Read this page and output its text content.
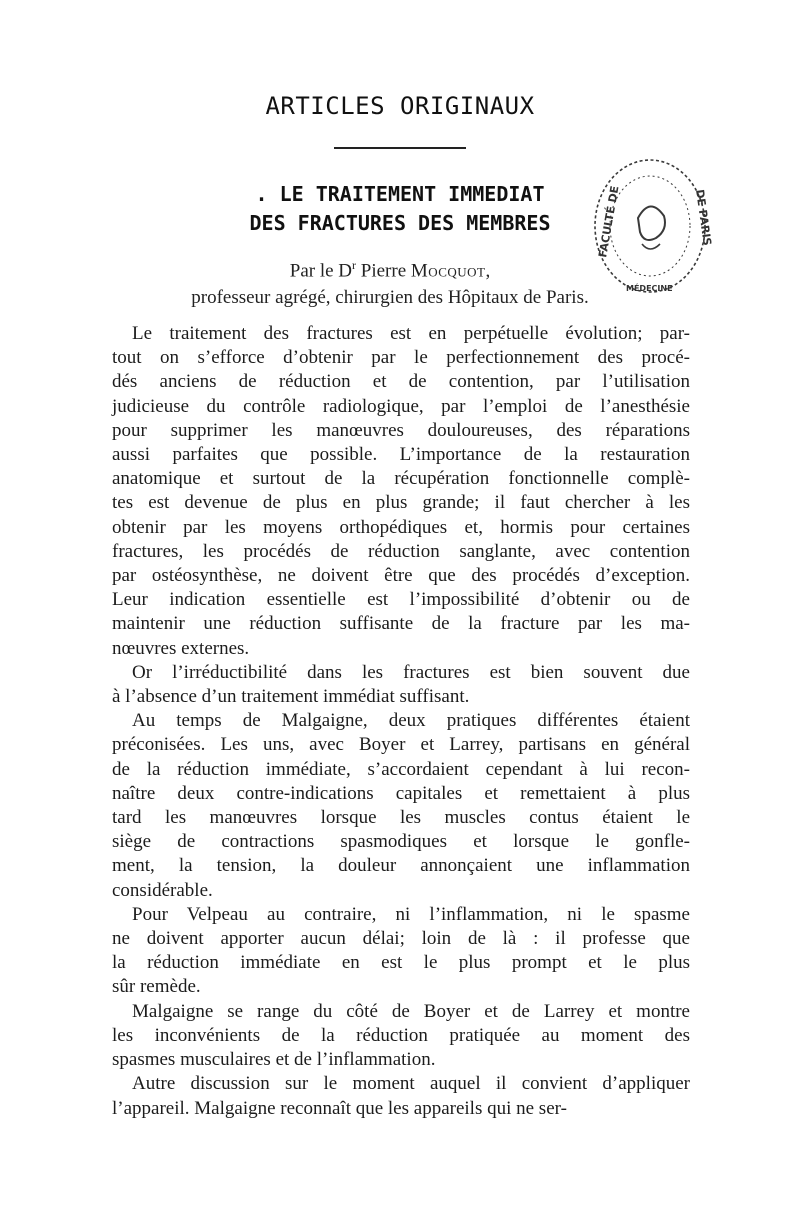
ARTICLES ORIGINAUX
. LE TRAITEMENT IMMEDIAT
DES FRACTURES DES MEMBRES
Par le $D^r$ Pierre Mocquot,
professeur agrégé, chirurgien des Hôpitaux de Paris.
FACULTÉ DE	DE PARIS
MÉDECINE
Le traitement des fractures est en perpétuelle évolution; par-
tout on s’efforce d’obtenir par le perfectionnement des procé-
dés anciens de réduction et de contention, par l’utilisation
judicieuse du contrôle radiologique, par l’emploi de l’anesthésie
pour supprimer les manœuvres douloureuses, des réparations
aussi parfaites que possible. L’importance de la restauration
anatomique et surtout de la récupération fonctionnelle complè-
tes est devenue de plus en plus grande; il faut chercher à les
obtenir par les moyens orthopédiques et, hormis pour certaines
fractures, les procédés de réduction sanglante, avec contention
par ostéosynthèse, ne doivent être que des procédés d’exception.
Leur indication essentielle est l’impossibilité d’obtenir ou de
maintenir une réduction suffisante de la fracture par les ma-
nœuvres externes.
Or l’irréductibilité dans les fractures est bien souvent due
à l’absence d’un traitement immédiat suffisant.
Au temps de Malgaigne, deux pratiques différentes étaient
préconisées. Les uns, avec Boyer et Larrey, partisans en général
de la réduction immédiate, s’accordaient cependant à lui recon-
naître deux contre-indications capitales et remettaient à plus
tard les manœuvres lorsque les muscles contus étaient le
siège de contractions spasmodiques et lorsque le gonfle-
ment, la tension, la douleur annonçaient une inflammation
considérable.
Pour Velpeau au contraire, ni l’inflammation, ni le spasme
ne doivent apporter aucun délai; loin de là : il professe que
la réduction immédiate en est le plus prompt et le plus
sûr remède.
Malgaigne se range du côté de Boyer et de Larrey et montre
les inconvénients de la réduction pratiquée au moment des
spasmes musculaires et de l’inflammation.
Autre discussion sur le moment auquel il convient d’appliquer
l’appareil. Malgaigne reconnaît que les appareils qui ne ser-
